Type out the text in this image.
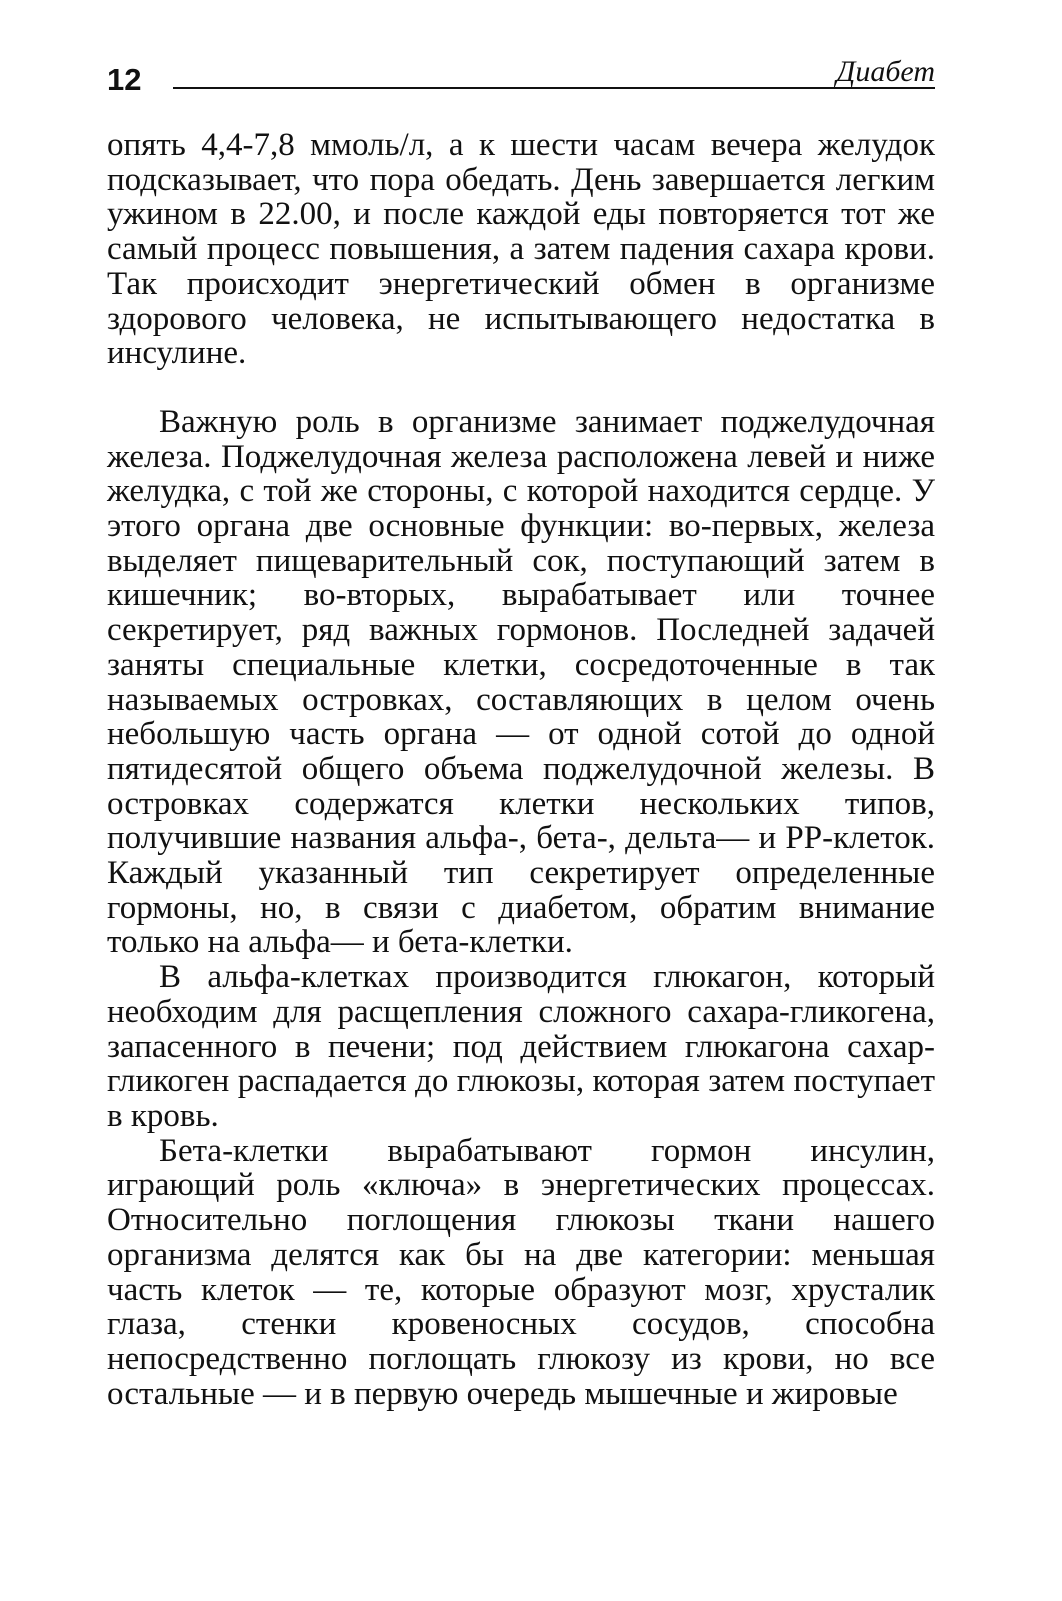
12	Диабет

опять 4,4-7,8 ммоль/л, а к шести часам вечера желудок подсказывает, что пора обедать. День завершается легким ужином в 22.00, и после каждой еды повторяется тот же самый процесс повышения, а затем падения сахара крови. Так происходит энергетический обмен в организме здорового человека, не испытывающего недостатка в инсулине.

Важную роль в организме занимает поджелудочная железа. Поджелудочная железа расположена левей и ниже желудка, с той же стороны, с которой находится сердце. У этого органа две основные функции: во-первых, железа выделяет пищеварительный сок, поступающий затем в кишечник; во-вторых, вырабатывает или точнее секретирует, ряд важных гормонов. Последней задачей заняты специальные клетки, сосредоточенные в так называемых островках, составляющих в целом очень небольшую часть органа — от одной сотой до одной пятидесятой общего объема поджелудочной железы. В островках содержатся клетки нескольких типов, получившие названия альфа-, бета-, дельта— и РР-клеток. Каждый указанный тип секретирует определенные гормоны, но, в связи с диабетом, обратим внимание только на альфа— и бета-клетки.

В альфа-клетках производится глюкагон, который необходим для расщепления сложного сахара-гликогена, запасенного в печени; под действием глюкагона сахар-гликоген распадается до глюкозы, которая затем поступает в кровь.

Бета-клетки вырабатывают гормон инсулин, играющий роль «ключа» в энергетических процессах. Относительно поглощения глюкозы ткани нашего организма делятся как бы на две категории: меньшая часть клеток — те, которые образуют мозг, хрусталик глаза, стенки кровеносных сосудов, способна непосредственно поглощать глюкозу из крови, но все остальные — и в первую очередь мышечные и жировые
